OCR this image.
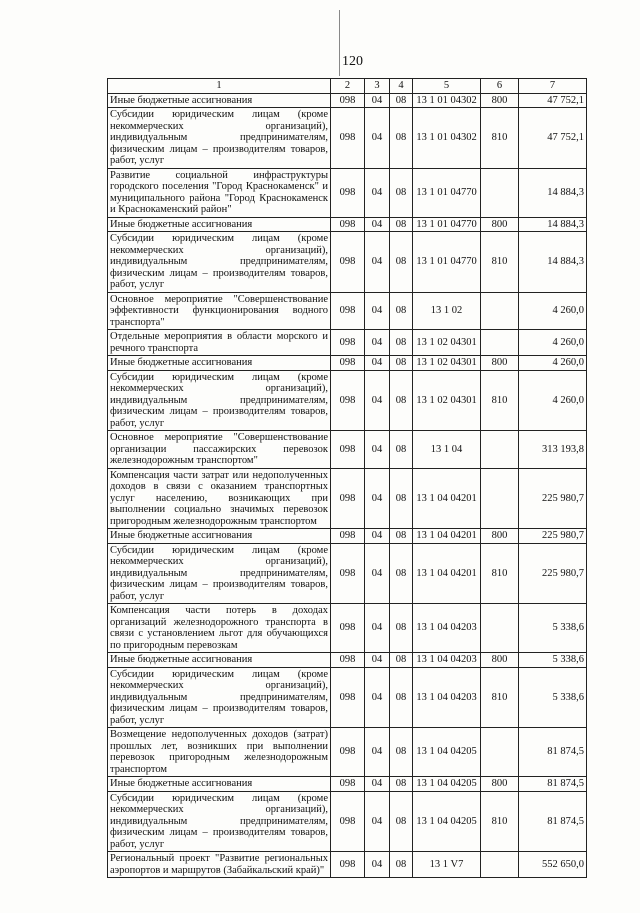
120
1	2	3	4	5	6	7
Иные бюджетные ассигнования	098	04	08	13 1 01 04302	800	47 752,1
Субсидии юридическим лицам (кроме некоммерческих организаций), индивидуальным предпринимателям, физическим лицам – производителям товаров, работ, услуг	098	04	08	13 1 01 04302	810	47 752,1
Развитие социальной инфраструктуры городского поселения "Город Краснокаменск" и муниципального района "Город Краснокаменск и Краснокаменский район"	098	04	08	13 1 01 04770		14 884,3
Иные бюджетные ассигнования	098	04	08	13 1 01 04770	800	14 884,3
Субсидии юридическим лицам (кроме некоммерческих организаций), индивидуальным предпринимателям, физическим лицам – производителям товаров, работ, услуг	098	04	08	13 1 01 04770	810	14 884,3
Основное мероприятие "Совершенствование эффективности функционирования водного транспорта"	098	04	08	13 1 02		4 260,0
Отдельные мероприятия в области морского и речного транспорта	098	04	08	13 1 02 04301		4 260,0
Иные бюджетные ассигнования	098	04	08	13 1 02 04301	800	4 260,0
Субсидии юридическим лицам (кроме некоммерческих организаций), индивидуальным предпринимателям, физическим лицам – производителям товаров, работ, услуг	098	04	08	13 1 02 04301	810	4 260,0
Основное мероприятие "Совершенствование организации пассажирских перевозок железнодорожным транспортом"	098	04	08	13 1 04		313 193,8
Компенсация части затрат или недополученных доходов в связи с оказанием транспортных услуг населению, возникающих при выполнении социально значимых перевозок пригородным железнодорожным транспортом	098	04	08	13 1 04 04201		225 980,7
Иные бюджетные ассигнования	098	04	08	13 1 04 04201	800	225 980,7
Субсидии юридическим лицам (кроме некоммерческих организаций), индивидуальным предпринимателям, физическим лицам – производителям товаров, работ, услуг	098	04	08	13 1 04 04201	810	225 980,7
Компенсация части потерь в доходах организаций железнодорожного транспорта в связи с установлением льгот для обучающихся по пригородным перевозкам	098	04	08	13 1 04 04203		5 338,6
Иные бюджетные ассигнования	098	04	08	13 1 04 04203	800	5 338,6
Субсидии юридическим лицам (кроме некоммерческих организаций), индивидуальным предпринимателям, физическим лицам – производителям товаров, работ, услуг	098	04	08	13 1 04 04203	810	5 338,6
Возмещение недополученных доходов (затрат) прошлых лет, возникших при выполнении перевозок пригородным железнодорожным транспортом	098	04	08	13 1 04 04205		81 874,5
Иные бюджетные ассигнования	098	04	08	13 1 04 04205	800	81 874,5
Субсидии юридическим лицам (кроме некоммерческих организаций), индивидуальным предпринимателям, физическим лицам – производителям товаров, работ, услуг	098	04	08	13 1 04 04205	810	81 874,5
Региональный проект "Развитие региональных аэропортов и маршрутов (Забайкальский край)"	098	04	08	13 1 V7		552 650,0
